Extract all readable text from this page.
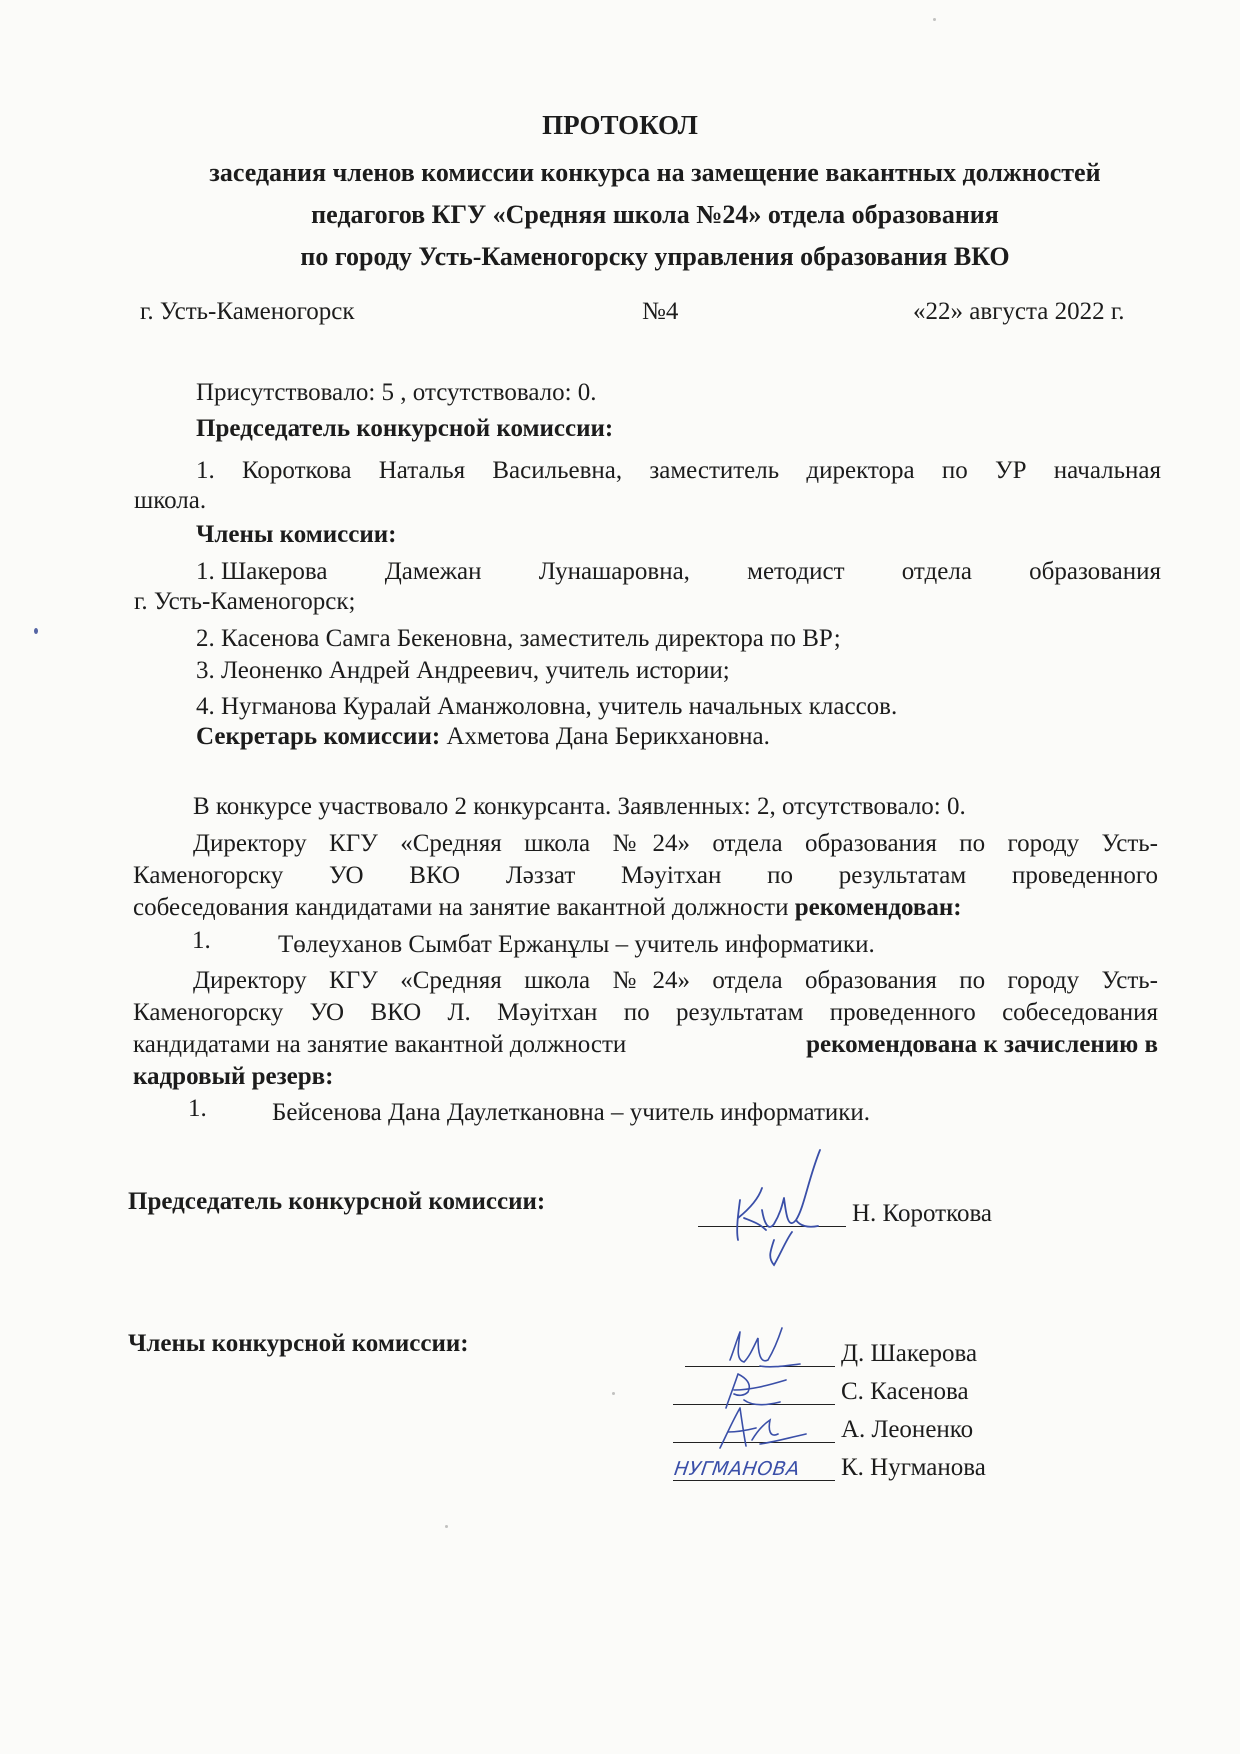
ПРОТОКОЛ
заседания членов комиссии конкурса на замещение вакантных должностей
педагогов КГУ «Средняя школа №24» отдела образования
по городу Усть-Каменогорску управления образования ВКО
г. Усть-Каменогорск	№4	«22» августа 2022 г.
Присутствовало: 5 , отсутствовало: 0.
Председатель конкурсной комиссии:
1. Короткова Наталья Васильевна, заместитель директора по УР начальная
школа.
Члены комиссии:
1. Шакерова Дамежан Лунашаровна, методист отдела образования
г. Усть-Каменогорск;
2. Касенова Самга Бекеновна, заместитель директора по ВР;
3. Леоненко Андрей Андреевич, учитель истории;
4. Нугманова Куралай Аманжоловна, учитель начальных классов.
Секретарь комиссии: Ахметова Дана Берикхановна.
В конкурсе участвовало 2 конкурсанта. Заявленных: 2, отсутствовало: 0.
Директору КГУ «Средняя школа №24» отдела образования по городу Усть-
Каменогорску УО ВКО Ләззат Мәуітхан по результатам проведенного
собеседования кандидатами на занятие вакантной должности рекомендован:
1.	Төлеуханов Сымбат Ержанұлы – учитель информатики.
Директору КГУ «Средняя школа №24» отдела образования по городу Усть-
Каменогорску УО ВКО Л. Мәуітхан по результатам проведенного собеседования
кандидатами на занятие вакантной должности	рекомендована к зачислению в
кадровый резерв:
1.	Бейсенова Дана Даулеткановна – учитель информатики.
Председатель конкурсной комиссии:	Н. Короткова
Члены конкурсной комиссии:	Д. Шакерова
С. Касенова
А. Леоненко
К. Нугманова
НУГМАНОВА
